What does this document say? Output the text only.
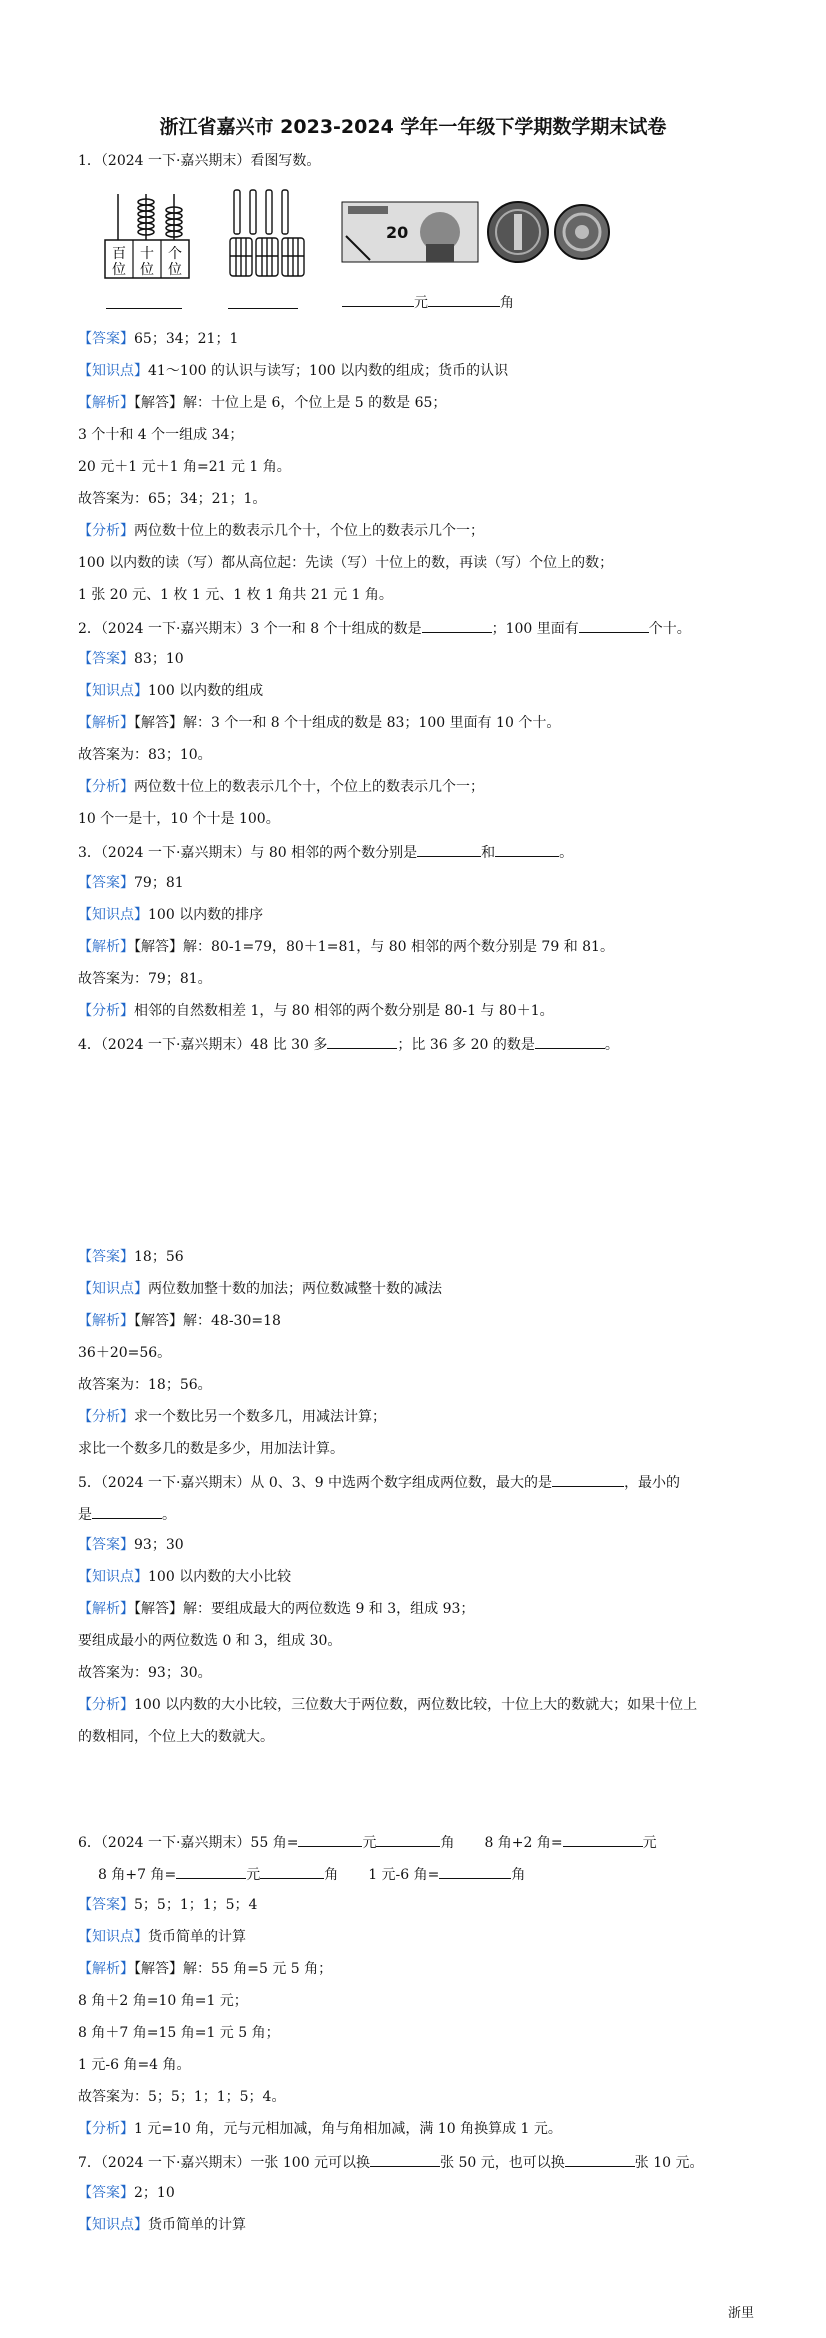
浙江省嘉兴市 2023-2024 学年一年级下学期数学期末试卷
1．（2024 一下·嘉兴期末）看图写数。
百 十 个
位 位 位
20
元	角
【答案】65；34；21；1
【知识点】41～100 的认识与读写；100 以内数的组成；货币的认识
【解析】【解答】解：十位上是 6，个位上是 5 的数是 65；
3 个十和 4 个一组成 34；
20 元＋1 元＋1 角=21 元 1 角。
故答案为：65；34；21；1。
【分析】两位数十位上的数表示几个十，个位上的数表示几个一；
100 以内数的读（写）都从高位起：先读（写）十位上的数，再读（写）个位上的数；
1 张 20 元、1 枚 1 元、1 枚 1 角共 21 元 1 角。
2．（2024 一下·嘉兴期末）3 个一和 8 个十组成的数是	；100 里面有	个十。
【答案】83；10
【知识点】100 以内数的组成
【解析】【解答】解：3 个一和 8 个十组成的数是 83；100 里面有 10 个十。
故答案为：83；10。
【分析】两位数十位上的数表示几个十，个位上的数表示几个一；
10 个一是十，10 个十是 100。
3．（2024 一下·嘉兴期末）与 80 相邻的两个数分别是	和	。
【答案】79；81
【知识点】100 以内数的排序
【解析】【解答】解：80-1=79，80＋1=81，与 80 相邻的两个数分别是 79 和 81。
故答案为：79；81。
【分析】相邻的自然数相差 1，与 80 相邻的两个数分别是 80-1 与 80＋1。
4．（2024 一下·嘉兴期末）48 比 30 多	；比 36 多 20 的数是	。
【答案】18；56
【知识点】两位数加整十数的加法；两位数减整十数的减法
【解析】【解答】解：48-30=18
36＋20=56。
故答案为：18；56。
【分析】求一个数比另一个数多几，用减法计算；
求比一个数多几的数是多少，用加法计算。
5．（2024 一下·嘉兴期末）从 0、3、9 中选两个数字组成两位数，最大的是	，最小的
是	。
【答案】93；30
【知识点】100 以内数的大小比较
【解析】【解答】解：要组成最大的两位数选 9 和 3，组成 93；
要组成最小的两位数选 0 和 3，组成 30。
故答案为：93；30。
【分析】100 以内数的大小比较，三位数大于两位数，两位数比较，十位上大的数就大；如果十位上
的数相同，个位上大的数就大。
6．（2024 一下·嘉兴期末）55 角=	元	角 8 角+2 角=	元
8 角+7 角=	元	角 1 元-6 角=	角
【答案】5；5；1；1；5；4
【知识点】货币简单的计算
【解析】【解答】解：55 角=5 元 5 角；
8 角＋2 角=10 角=1 元；
8 角＋7 角=15 角=1 元 5 角；
1 元-6 角=4 角。
故答案为：5；5；1；1；5；4。
【分析】1 元=10 角，元与元相加减，角与角相加减，满 10 角换算成 1 元。
7．（2024 一下·嘉兴期末）一张 100 元可以换	张 50 元，也可以换	张 10 元。
【答案】2；10
【知识点】货币简单的计算
浙里
